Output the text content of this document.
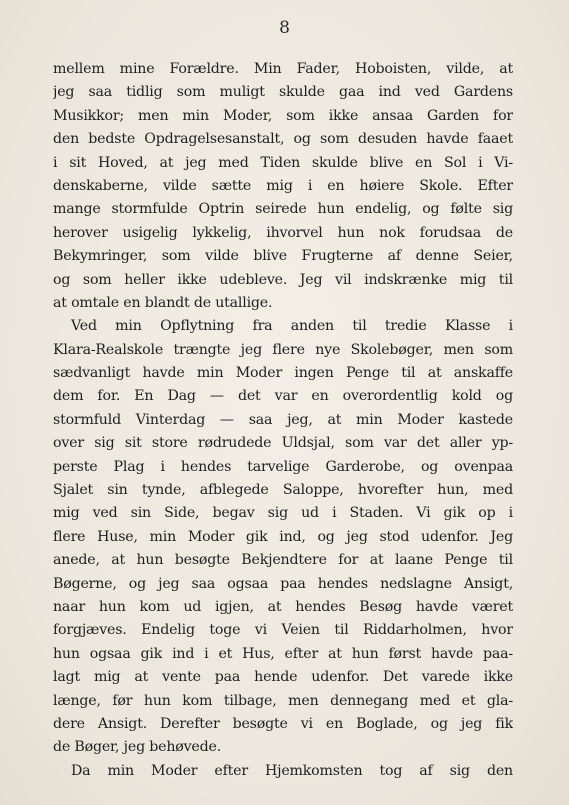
8
mellem mine Forældre. Min Fader, Hoboisten, vilde, at
jeg saa tidlig som muligt skulde gaa ind ved Gardens
Musikkor; men min Moder, som ikke ansaa Garden for
den bedste Opdragelsesanstalt, og som desuden havde faaet
i sit Hoved, at jeg med Tiden skulde blive en Sol i Vi-
denskaberne, vilde sætte mig i en høiere Skole. Efter
mange stormfulde Optrin seirede hun endelig, og følte sig
herover usigelig lykkelig, ihvorvel hun nok forudsaa de
Bekymringer, som vilde blive Frugterne af denne Seier,
og som heller ikke udebleve. Jeg vil indskrænke mig til
at omtale en blandt de utallige.
Ved min Opflytning fra anden til tredie Klasse i
Klara-Realskole trængte jeg flere nye Skolebøger, men som
sædvanligt havde min Moder ingen Penge til at anskaffe
dem for. En Dag — det var en overordentlig kold og
stormfuld Vinterdag — saa jeg, at min Moder kastede
over sig sit store rødrudede Uldsjal, som var det aller yp-
perste Plag i hendes tarvelige Garderobe, og ovenpaa
Sjalet sin tynde, afblegede Saloppe, hvorefter hun, med
mig ved sin Side, begav sig ud i Staden. Vi gik op i
flere Huse, min Moder gik ind, og jeg stod udenfor. Jeg
anede, at hun besøgte Bekjendtere for at laane Penge til
Bøgerne, og jeg saa ogsaa paa hendes nedslagne Ansigt,
naar hun kom ud igjen, at hendes Besøg havde været
forgjæves. Endelig toge vi Veien til Riddarholmen, hvor
hun ogsaa gik ind i et Hus, efter at hun først havde paa-
lagt mig at vente paa hende udenfor. Det varede ikke
længe, før hun kom tilbage, men dennegang med et gla-
dere Ansigt. Derefter besøgte vi en Boglade, og jeg fik
de Bøger, jeg behøvede.
Da min Moder efter Hjemkomsten tog af sig den
